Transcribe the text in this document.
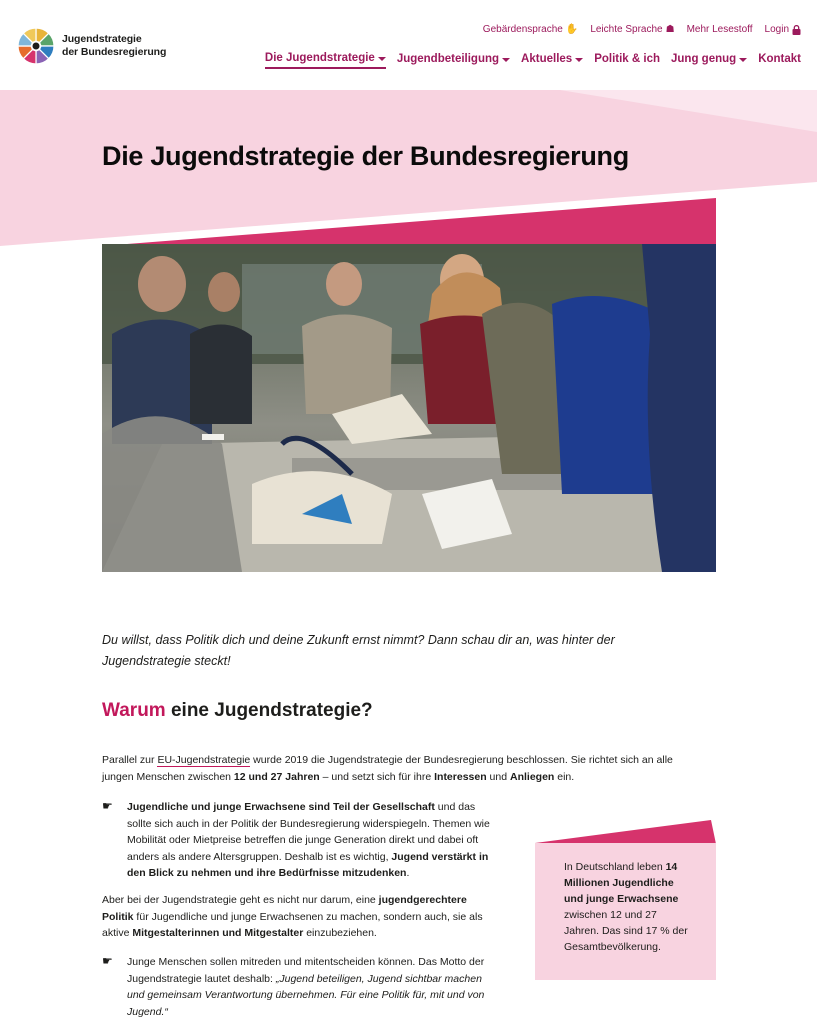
Jugendstrategie
der Bundesregierung
Gebärdensprache ✋ Leichte Sprache ☗ Mehr Lesestoff Login
Die Jugendstrategie Jugendbeteiligung Aktuelles Politik & ich Jung genug Kontakt
Die Jugendstrategie der Bundesregierung

Du willst, dass Politik dich und deine Zukunft ernst nimmt? Dann schau dir an, was hinter der Jugendstrategie steckt!

Warum eine Jugendstrategie?

Parallel zur EU-Jugendstrategie wurde 2019 die Jugendstrategie der Bundesregierung beschlossen. Sie richtet sich an alle jungen Menschen zwischen 12 und 27 Jahren – und setzt sich für ihre Interessen und Anliegen ein.

☛	Jugendliche und junge Erwachsene sind Teil der Gesellschaft und das sollte sich auch in der Politik der Bundesregierung widerspiegeln. Themen wie Mobilität oder Mietpreise betreffen die junge Generation direkt und dabei oft anders als andere Altersgruppen. Deshalb ist es wichtig, Jugend verstärkt in den Blick zu nehmen und ihre Bedürfnisse mitzudenken.

Aber bei der Jugendstrategie geht es nicht nur darum, eine jugendgerechtere Politik für Jugendliche und junge Erwachsenen zu machen, sondern auch, sie als aktive Mitgestalterinnen und Mitgestalter einzubeziehen.

☛	Junge Menschen sollen mitreden und mitentscheiden können. Das Motto der Jugendstrategie lautet deshalb: „Jugend beteiligen, Jugend sichtbar machen und gemeinsam Verantwortung übernehmen. Für eine Politik für, mit und von Jugend.“

In Deutschland leben 14 Millionen Jugendliche und junge Erwachsene zwischen 12 und 27 Jahren. Das sind 17 % der Gesamtbevölkerung.
